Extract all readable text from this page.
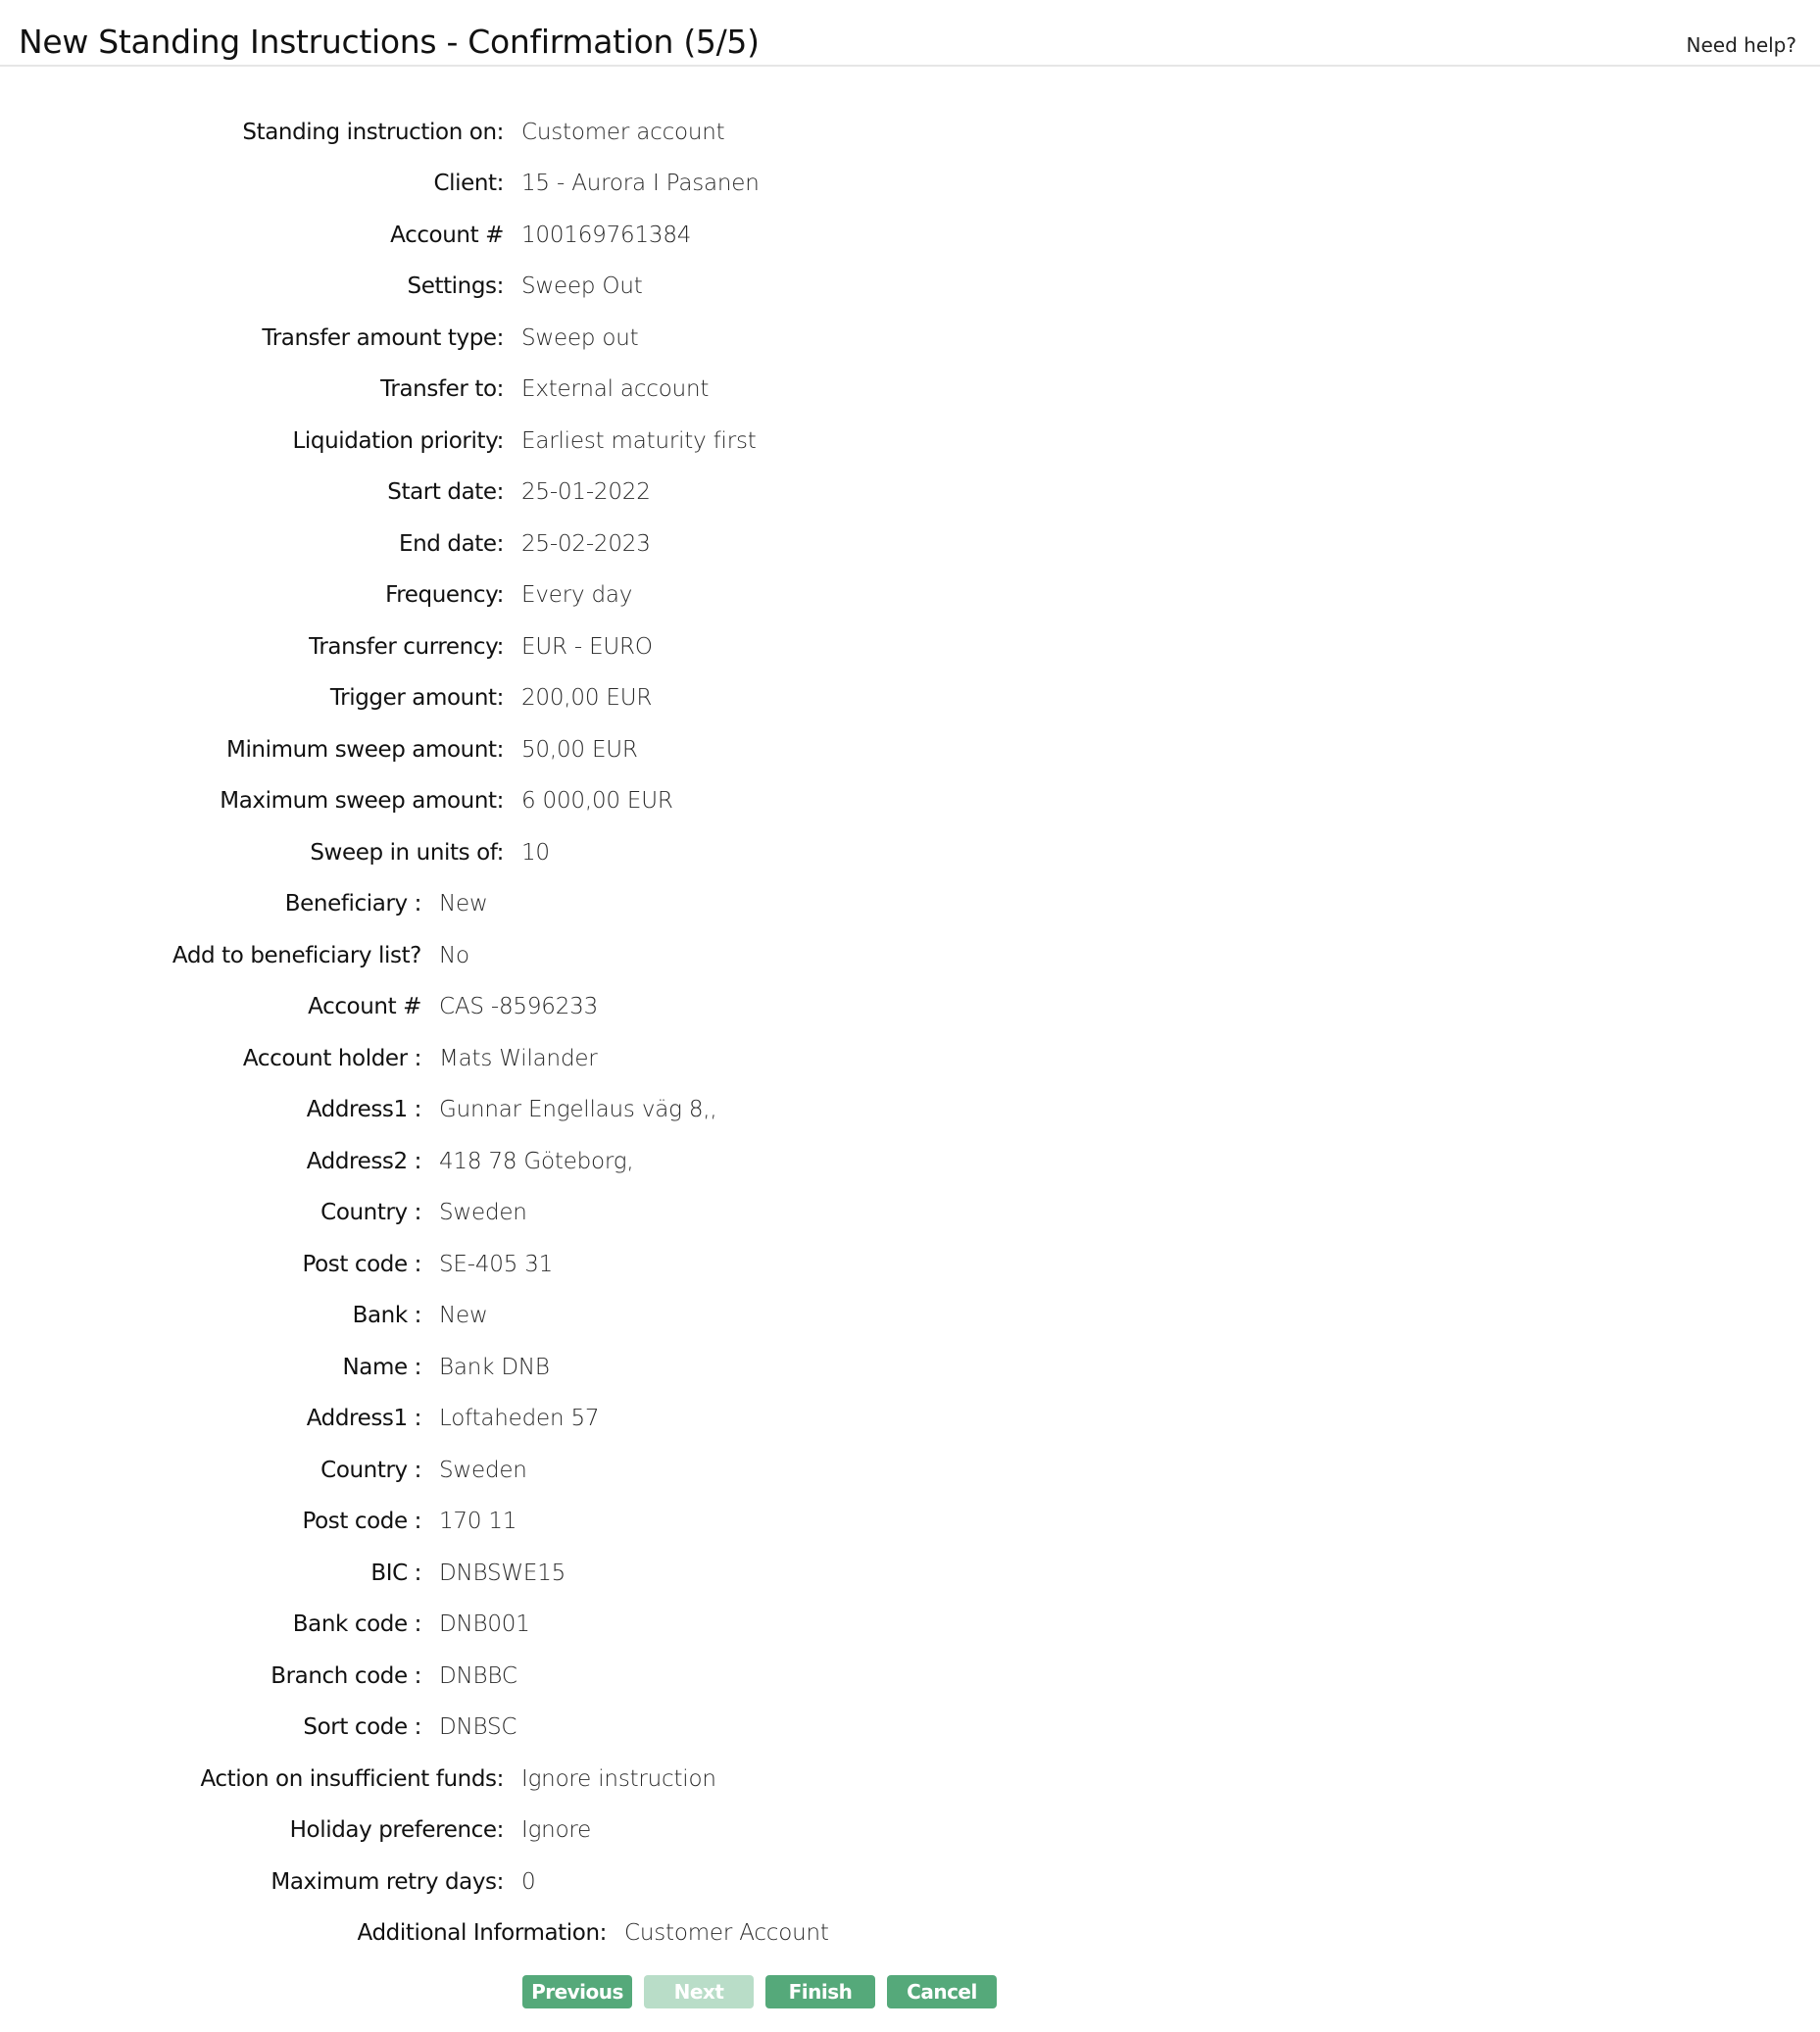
New Standing Instructions - Confirmation (5/5)	Need help?
Standing instruction on: Customer account
Client: 15 - Aurora I Pasanen
Account # 100169761384
Settings: Sweep Out
Transfer amount type: Sweep out
Transfer to: External account
Liquidation priority: Earliest maturity first
Start date: 25-01-2022
End date: 25-02-2023
Frequency: Every day
Transfer currency: EUR - EURO
Trigger amount: 200,00 EUR
Minimum sweep amount: 50,00 EUR
Maximum sweep amount: 6 000,00 EUR
Sweep in units of: 10
Beneficiary : New
Add to beneficiary list? No
Account # CAS -8596233
Account holder : Mats Wilander
Address1 : Gunnar Engellaus väg 8,,
Address2 : 418 78 Göteborg,
Country : Sweden
Post code : SE-405 31
Bank : New
Name : Bank DNB
Address1 : Loftaheden 57
Country : Sweden
Post code : 170 11
BIC : DNBSWE15
Bank code : DNB001
Branch code : DNBBC
Sort code : DNBSC
Action on insufficient funds: Ignore instruction
Holiday preference: Ignore
Maximum retry days: 0
Additional Information: Customer Account
Previous	Next	Finish	Cancel
